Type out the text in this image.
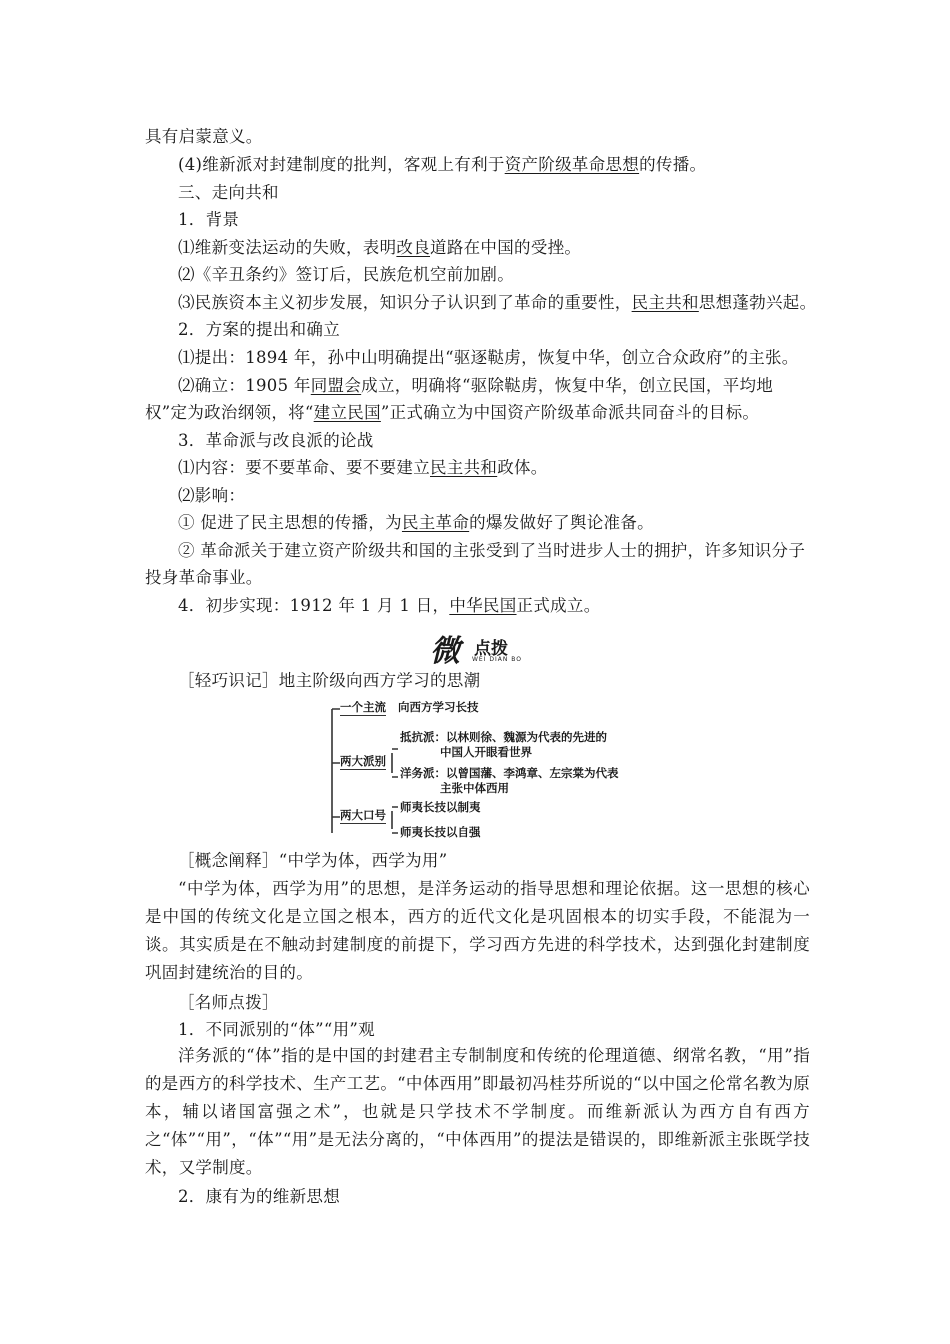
具有启蒙意义。
(4)维新派对封建制度的批判，客观上有利于资产阶级革命思想的传播。
三、走向共和
1．背景
⑴维新变法运动的失败，表明改良道路在中国的受挫。
⑵《辛丑条约》签订后，民族危机空前加剧。
⑶民族资本主义初步发展，知识分子认识到了革命的重要性，民主共和思想蓬勃兴起。
2．方案的提出和确立
⑴提出：1894 年，孙中山明确提出“驱逐鞑虏，恢复中华，创立合众政府”的主张。
⑵确立：1905 年同盟会成立，明确将“驱除鞑虏，恢复中华，创立民国，平均地
权”定为政治纲领，将“建立民国”正式确立为中国资产阶级革命派共同奋斗的目标。
3．革命派与改良派的论战
⑴内容：要不要革命、要不要建立民主共和政体。
⑵影响：
① 促进了民主思想的传播，为民主革命的爆发做好了舆论准备。
② 革命派关于建立资产阶级共和国的主张受到了当时进步人士的拥护，许多知识分子
投身革命事业。
4．初步实现：1912 年 1 月 1 日，中华民国正式成立。
微 点拨
WEI DIAN BO
［轻巧识记］地主阶级向西方学习的思潮
一个主流 向西方学习长技
两大派别
抵抗派：以林则徐、魏源为代表的先进的
中国人开眼看世界
洋务派：以曾国藩、李鸿章、左宗棠为代表
主张中体西用
两大口号
师夷长技以制夷
师夷长技以自强
［概念阐释］“中学为体，西学为用”
“中学为体，西学为用”的思想，是洋务运动的指导思想和理论依据。这一思想的核心是中国的传统文化是立国之根本，西方的近代文化是巩固根本的切实手段，不能混为一谈。其实质是在不触动封建制度的前提下，学习西方先进的科学技术，达到强化封建制度巩固封建统治的目的。
［名师点拨］
1．不同派别的“体”“用”观
洋务派的“体”指的是中国的封建君主专制制度和传统的伦理道德、纲常名教，“用”指的是西方的科学技术、生产工艺。“中体西用”即最初冯桂芬所说的“以中国之伦常名教为原本，辅以诸国富强之术”，也就是只学技术不学制度。而维新派认为西方自有西方之“体”“用”，“体”“用”是无法分离的，“中体西用”的提法是错误的，即维新派主张既学技术，又学制度。
2．康有为的维新思想
